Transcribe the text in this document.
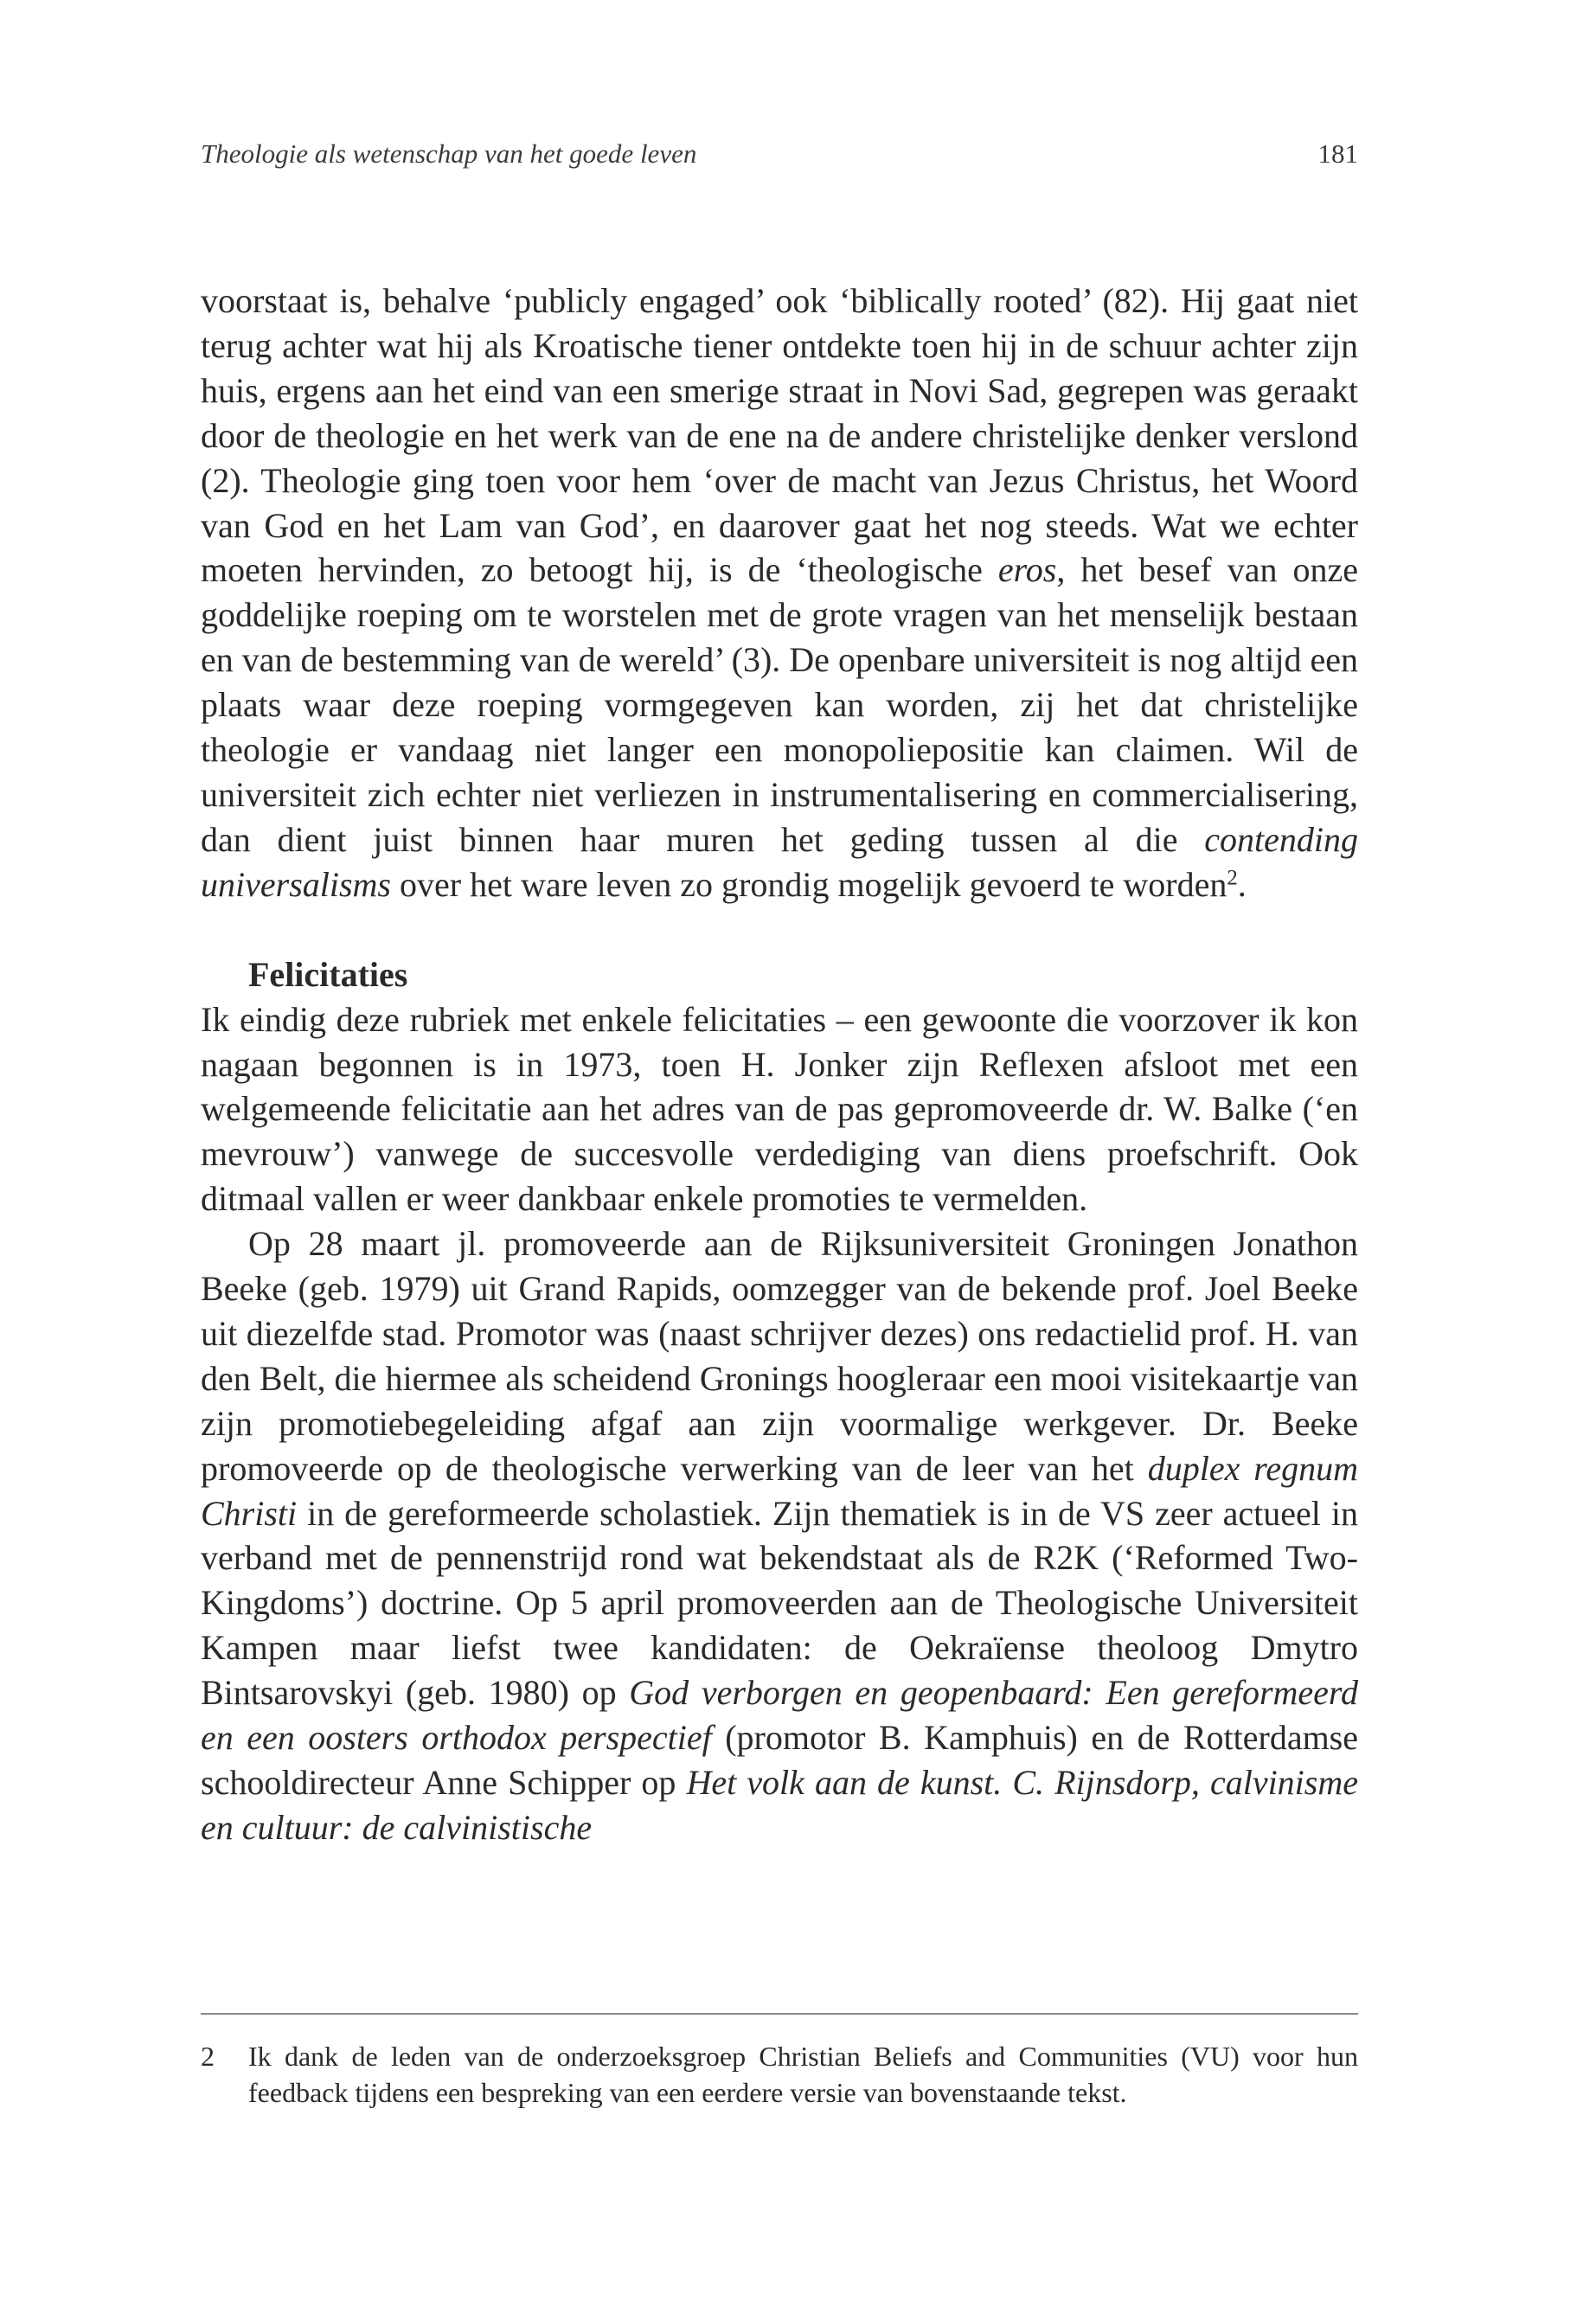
Theologie als wetenschap van het goede leven	181

voorstaat is, behalve ‘publicly engaged’ ook ‘biblically rooted’ (82). Hij gaat niet terug achter wat hij als Kroatische tiener ontdekte toen hij in de schuur achter zijn huis, ergens aan het eind van een smerige straat in Novi Sad, gegrepen was geraakt door de theologie en het werk van de ene na de andere christelijke denker verslond (2). Theologie ging toen voor hem ‘over de macht van Jezus Christus, het Woord van God en het Lam van God’, en daarover gaat het nog steeds. Wat we echter moeten hervinden, zo betoogt hij, is de ‘theologische eros, het besef van onze goddelijke roeping om te worstelen met de grote vragen van het menselijk bestaan en van de bestemming van de wereld’ (3). De openbare universiteit is nog altijd een plaats waar deze roeping vormgegeven kan worden, zij het dat christelijke theologie er vandaag niet langer een monopoliepositie kan claimen. Wil de universiteit zich echter niet verliezen in instrumentalisering en commercialisering, dan dient juist binnen haar muren het geding tussen al die contending universalisms over het ware leven zo grondig mogelijk gevoerd te worden$^2$.

Felicitaties

Ik eindig deze rubriek met enkele felicitaties – een gewoonte die voorzover ik kon nagaan begonnen is in 1973, toen H. Jonker zijn Reflexen afsloot met een welgemeende felicitatie aan het adres van de pas gepromoveerde dr. W. Balke (‘en mevrouw’) vanwege de succesvolle verdediging van diens proefschrift. Ook ditmaal vallen er weer dankbaar enkele promoties te vermelden.

Op 28 maart jl. promoveerde aan de Rijksuniversiteit Groningen Jonathon Beeke (geb. 1979) uit Grand Rapids, oomzegger van de bekende prof. Joel Beeke uit diezelfde stad. Promotor was (naast schrijver dezes) ons redactielid prof. H. van den Belt, die hiermee als scheidend Gronings hoogleraar een mooi visitekaartje van zijn promotiebegeleiding afgaf aan zijn voormalige werkgever. Dr. Beeke promoveerde op de theologische verwerking van de leer van het duplex regnum Christi in de gereformeerde scholastiek. Zijn thematiek is in de VS zeer actueel in verband met de pennenstrijd rond wat bekendstaat als de R2K (‘Reformed Two-Kingdoms’) doctrine. Op 5 april promoveerden aan de Theologische Universiteit Kampen maar liefst twee kandidaten: de Oekraïense theoloog Dmytro Bintsarovskyi (geb. 1980) op God verborgen en geopenbaard: Een gereformeerd en een oosters orthodox perspectief (promotor B. Kamphuis) en de Rotterdamse schooldirecteur Anne Schipper op Het volk aan de kunst. C. Rijnsdorp, calvinisme en cultuur: de calvinistische

2	Ik dank de leden van de onderzoeksgroep Christian Beliefs and Communities (VU) voor hun feedback tijdens een bespreking van een eerdere versie van bovenstaande tekst.
